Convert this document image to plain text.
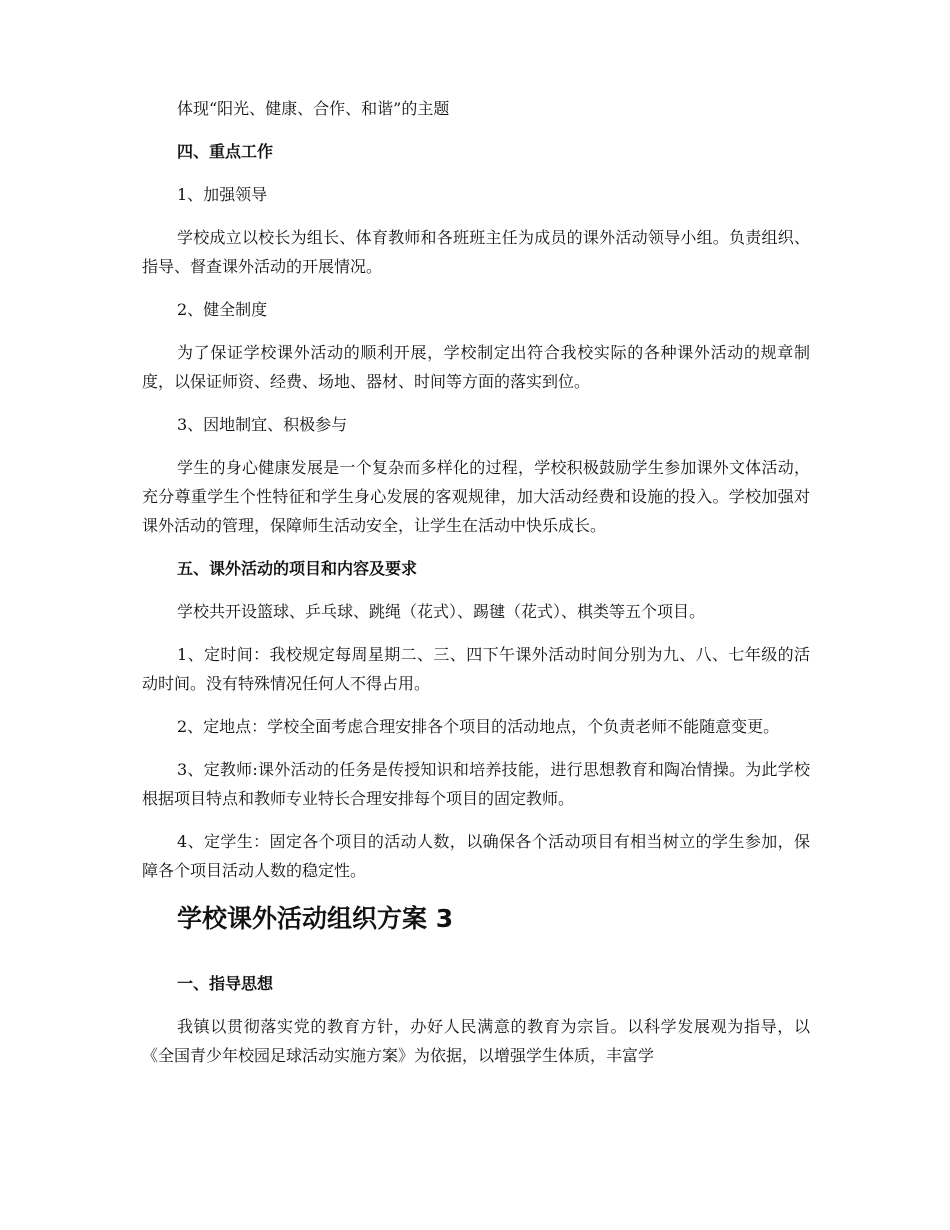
体现“阳光、健康、合作、和谐”的主题

四、重点工作

1、加强领导

学校成立以校长为组长、体育教师和各班班主任为成员的课外活动领导小组。负责组织、指导、督查课外活动的开展情况。

2、健全制度

为了保证学校课外活动的顺利开展，学校制定出符合我校实际的各种课外活动的规章制度，以保证师资、经费、场地、器材、时间等方面的落实到位。

3、因地制宜、积极参与

学生的身心健康发展是一个复杂而多样化的过程，学校积极鼓励学生参加课外文体活动，充分尊重学生个性特征和学生身心发展的客观规律，加大活动经费和设施的投入。学校加强对课外活动的管理，保障师生活动安全，让学生在活动中快乐成长。

五、课外活动的项目和内容及要求

学校共开设篮球、乒乓球、跳绳（花式）、踢毽（花式）、棋类等五个项目。

1、定时间：我校规定每周星期二、三、四下午课外活动时间分别为九、八、七年级的活动时间。没有特殊情况任何人不得占用。

2、定地点：学校全面考虑合理安排各个项目的活动地点，个负责老师不能随意变更。

3、定教师:课外活动的任务是传授知识和培养技能，进行思想教育和陶冶情操。为此学校根据项目特点和教师专业特长合理安排每个项目的固定教师。

4、定学生：固定各个项目的活动人数，以确保各个活动项目有相当树立的学生参加，保障各个项目活动人数的稳定性。

学校课外活动组织方案 3

一、指导思想

我镇以贯彻落实党的教育方针，办好人民满意的教育为宗旨。以科学发展观为指导，以《全国青少年校园足球活动实施方案》为依据，以增强学生体质，丰富学
